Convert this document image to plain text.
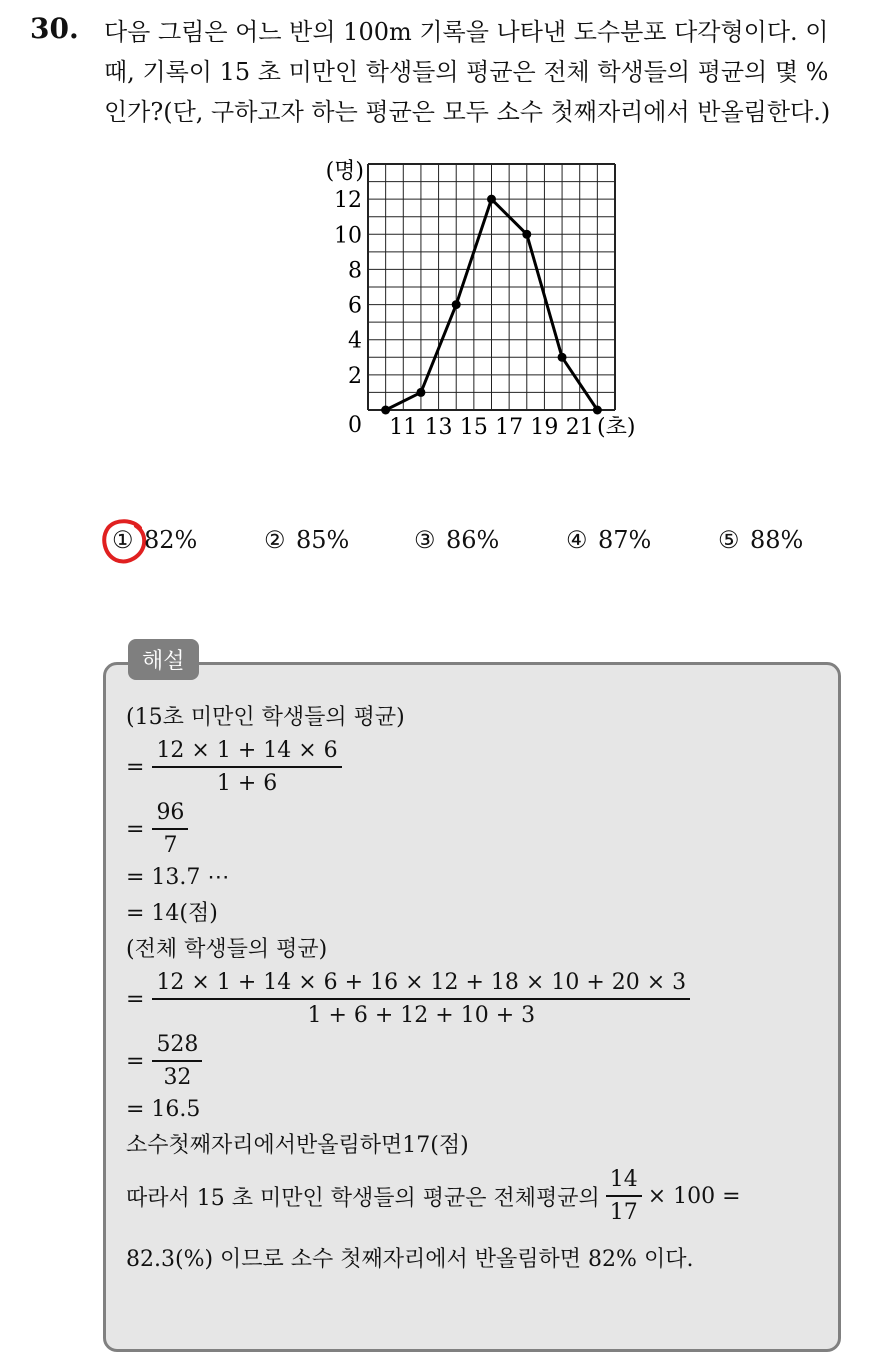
30. 다음 그림은 어느 반의 100m 기록을 나타낸 도수분포 다각형이다. 이
때, 기록이 15 초 미만인 학생들의 평균은 전체 학생들의 평균의 몇 %
인가?(단, 구하고자 하는 평균은 모두 소수 첫째자리에서 반올림한다.)
2
4
6
8
10
12
0 11 13 15 17 19 21
(명)
(초)
① 82%	② 85%	③ 86%	④ 87%	⑤ 88%
해설
(15초 미만인 학생들의 평균)
= $\frac{12 \times 1 + 14 \times 6}{1 + 6}$
= $\frac{96}{7}$
= 13.7 ⋯
= 14(점)
(전체 학생들의 평균)
= $\frac{12 \times 1 + 14 \times 6 + 16 \times 12 + 18 \times 10 + 20 \times 3}{1 + 6 + 12 + 10 + 3}$
= $\frac{528}{32}$
= 16.5
소수첫째자리에서반올림하면17(점)
따라서 15 초 미만인 학생들의 평균은 전체평균의 $\frac{14}{17} \times 100$ =
82.3(%) 이므로 소수 첫째자리에서 반올림하면 82% 이다.
